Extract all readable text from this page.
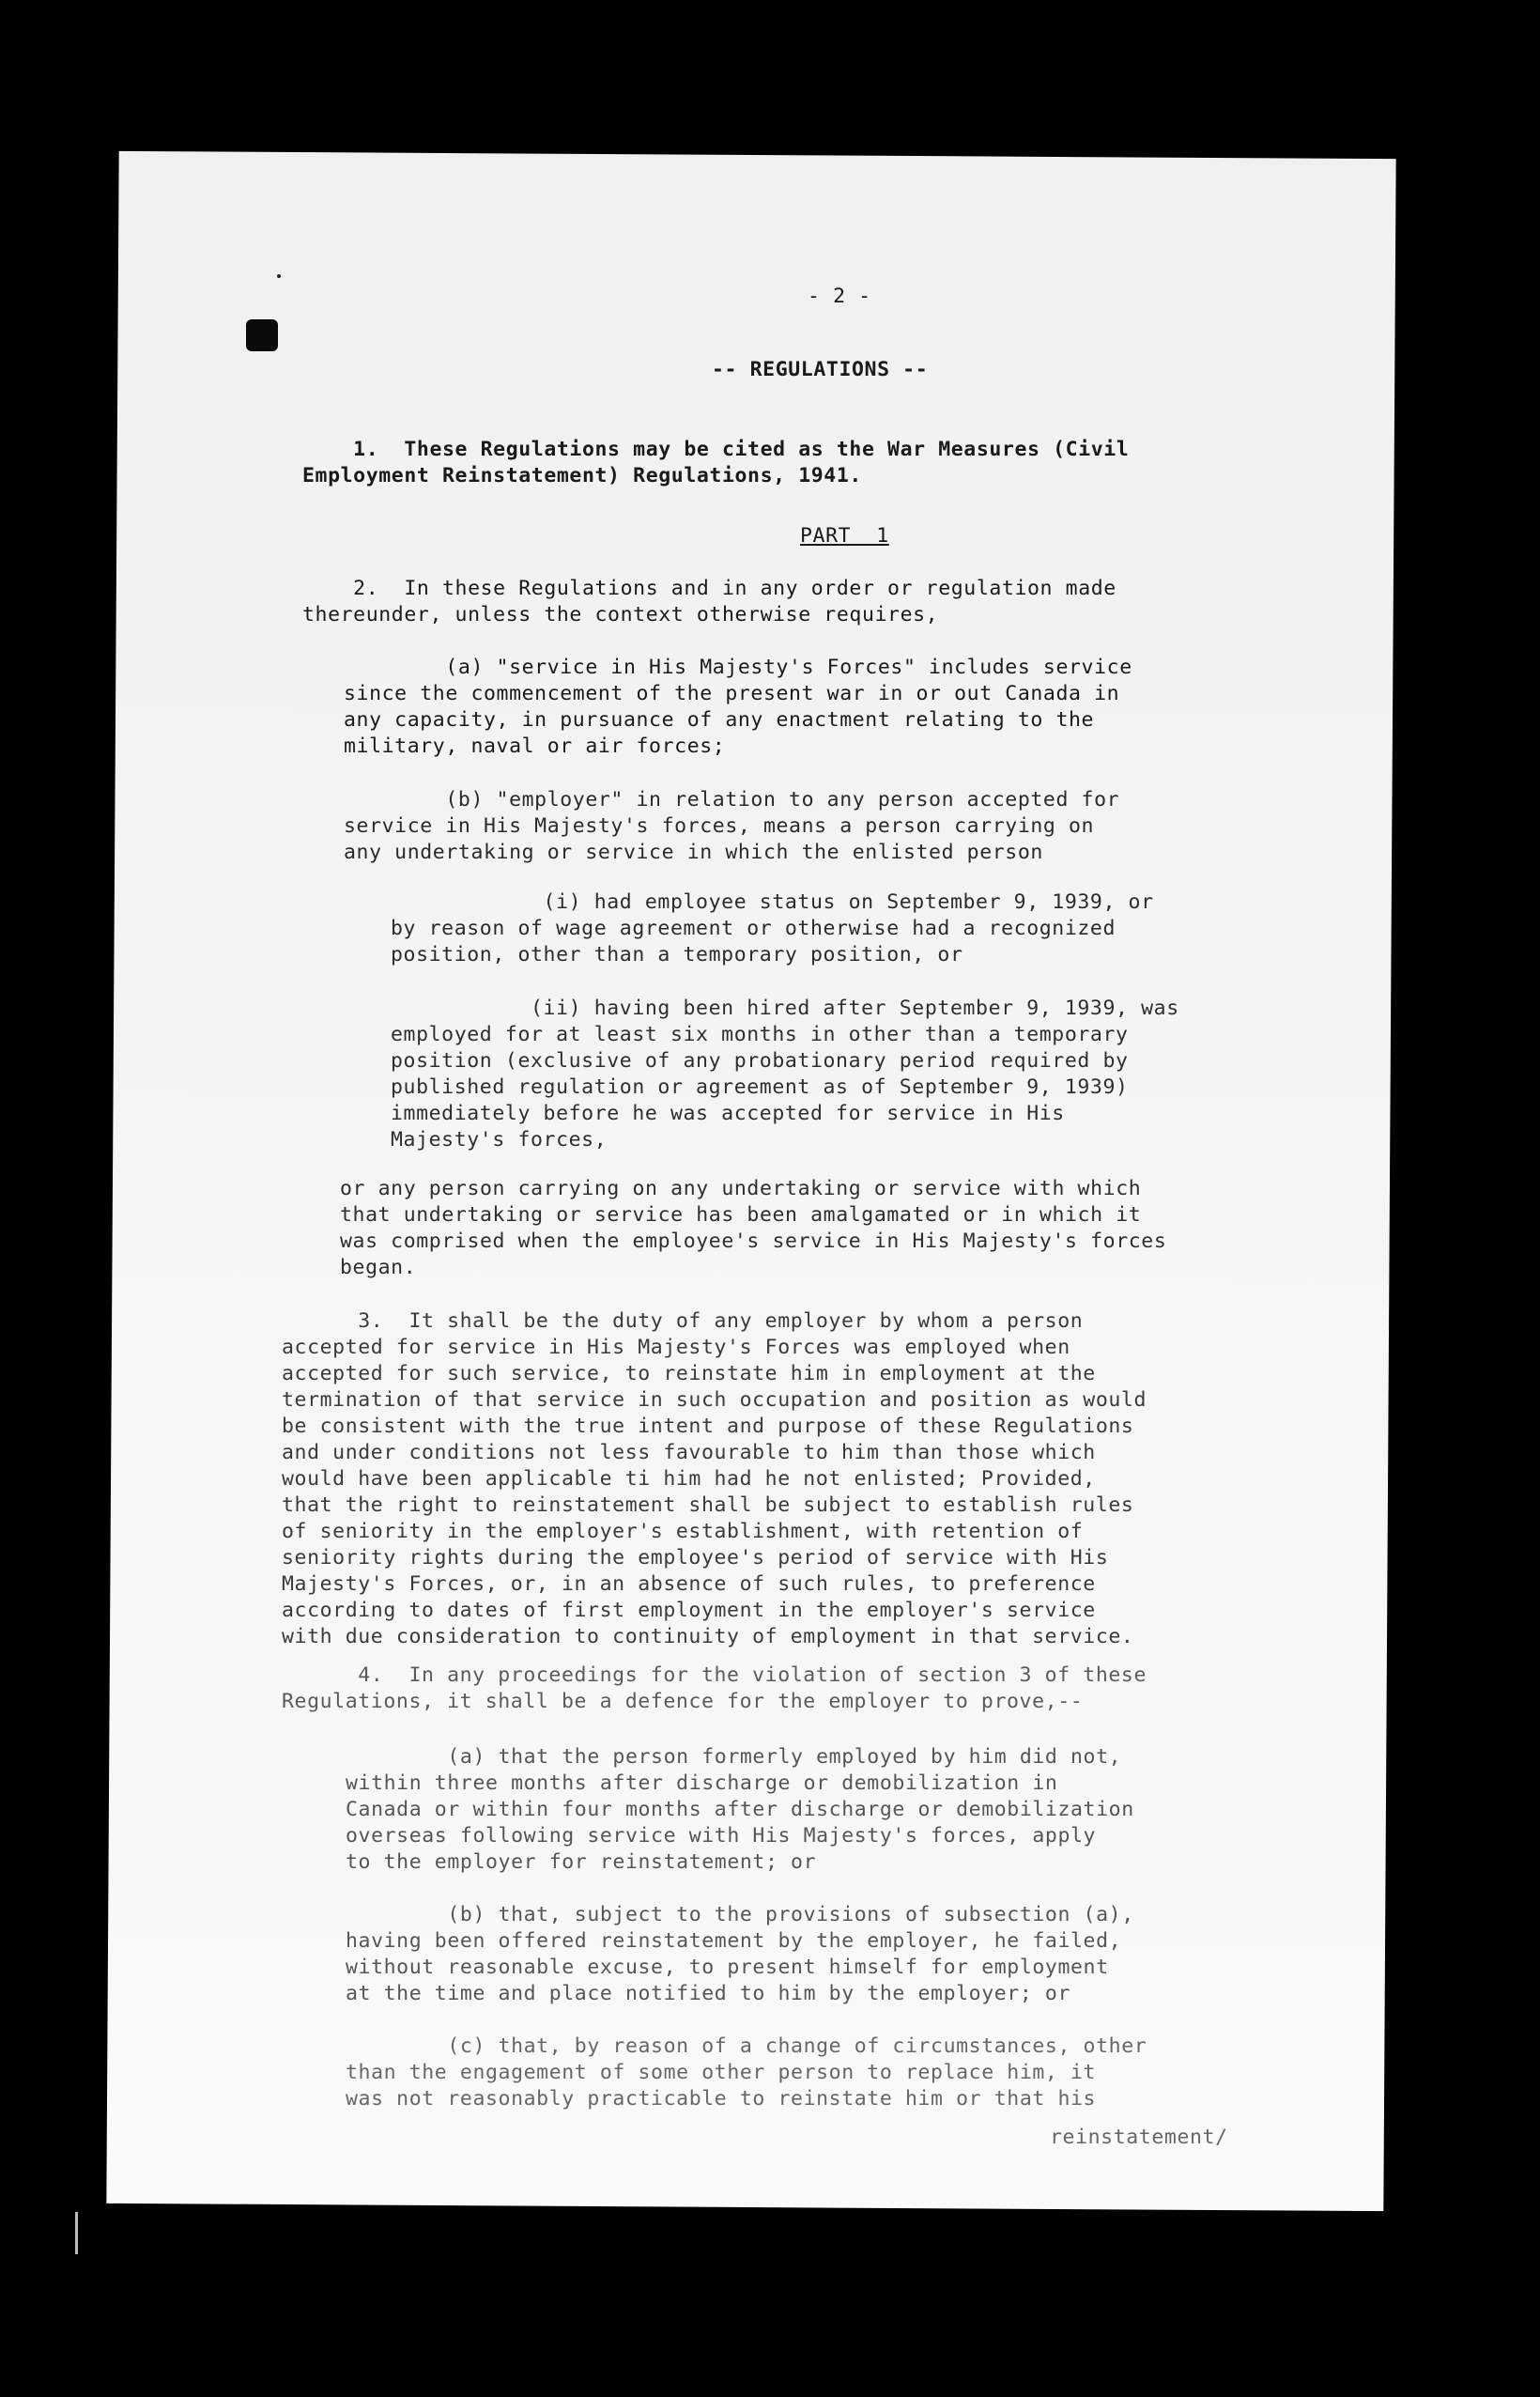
- 2 -
-- REGULATIONS --
1.  These Regulations may be cited as the War Measures (Civil
Employment Reinstatement) Regulations, 1941.
PART  1
2.  In these Regulations and in any order or regulation made
thereunder, unless the context otherwise requires,
(a) "service in His Majesty's Forces" includes service
since the commencement of the present war in or out Canada in
any capacity, in pursuance of any enactment relating to the
military, naval or air forces;
(b) "employer" in relation to any person accepted for
service in His Majesty's forces, means a person carrying on
any undertaking or service in which the enlisted person
(i) had employee status on September 9, 1939, or
by reason of wage agreement or otherwise had a recognized
position, other than a temporary position, or
(ii) having been hired after September 9, 1939, was
employed for at least six months in other than a temporary
position (exclusive of any probationary period required by
published regulation or agreement as of September 9, 1939)
immediately before he was accepted for service in His
Majesty's forces,
or any person carrying on any undertaking or service with which
that undertaking or service has been amalgamated or in which it
was comprised when the employee's service in His Majesty's forces
began.
3.  It shall be the duty of any employer by whom a person
accepted for service in His Majesty's Forces was employed when
accepted for such service, to reinstate him in employment at the
termination of that service in such occupation and position as would
be consistent with the true intent and purpose of these Regulations
and under conditions not less favourable to him than those which
would have been applicable ti him had he not enlisted; Provided,
that the right to reinstatement shall be subject to establish rules
of seniority in the employer's establishment, with retention of
seniority rights during the employee's period of service with His
Majesty's Forces, or, in an absence of such rules, to preference
according to dates of first employment in the employer's service
with due consideration to continuity of employment in that service.
4.  In any proceedings for the violation of section 3 of these
Regulations, it shall be a defence for the employer to prove,--
(a) that the person formerly employed by him did not,
within three months after discharge or demobilization in
Canada or within four months after discharge or demobilization
overseas following service with His Majesty's forces, apply
to the employer for reinstatement; or
(b) that, subject to the provisions of subsection (a),
having been offered reinstatement by the employer, he failed,
without reasonable excuse, to present himself for employment
at the time and place notified to him by the employer; or
(c) that, by reason of a change of circumstances, other
than the engagement of some other person to replace him, it
was not reasonably practicable to reinstate him or that his
reinstatement/
